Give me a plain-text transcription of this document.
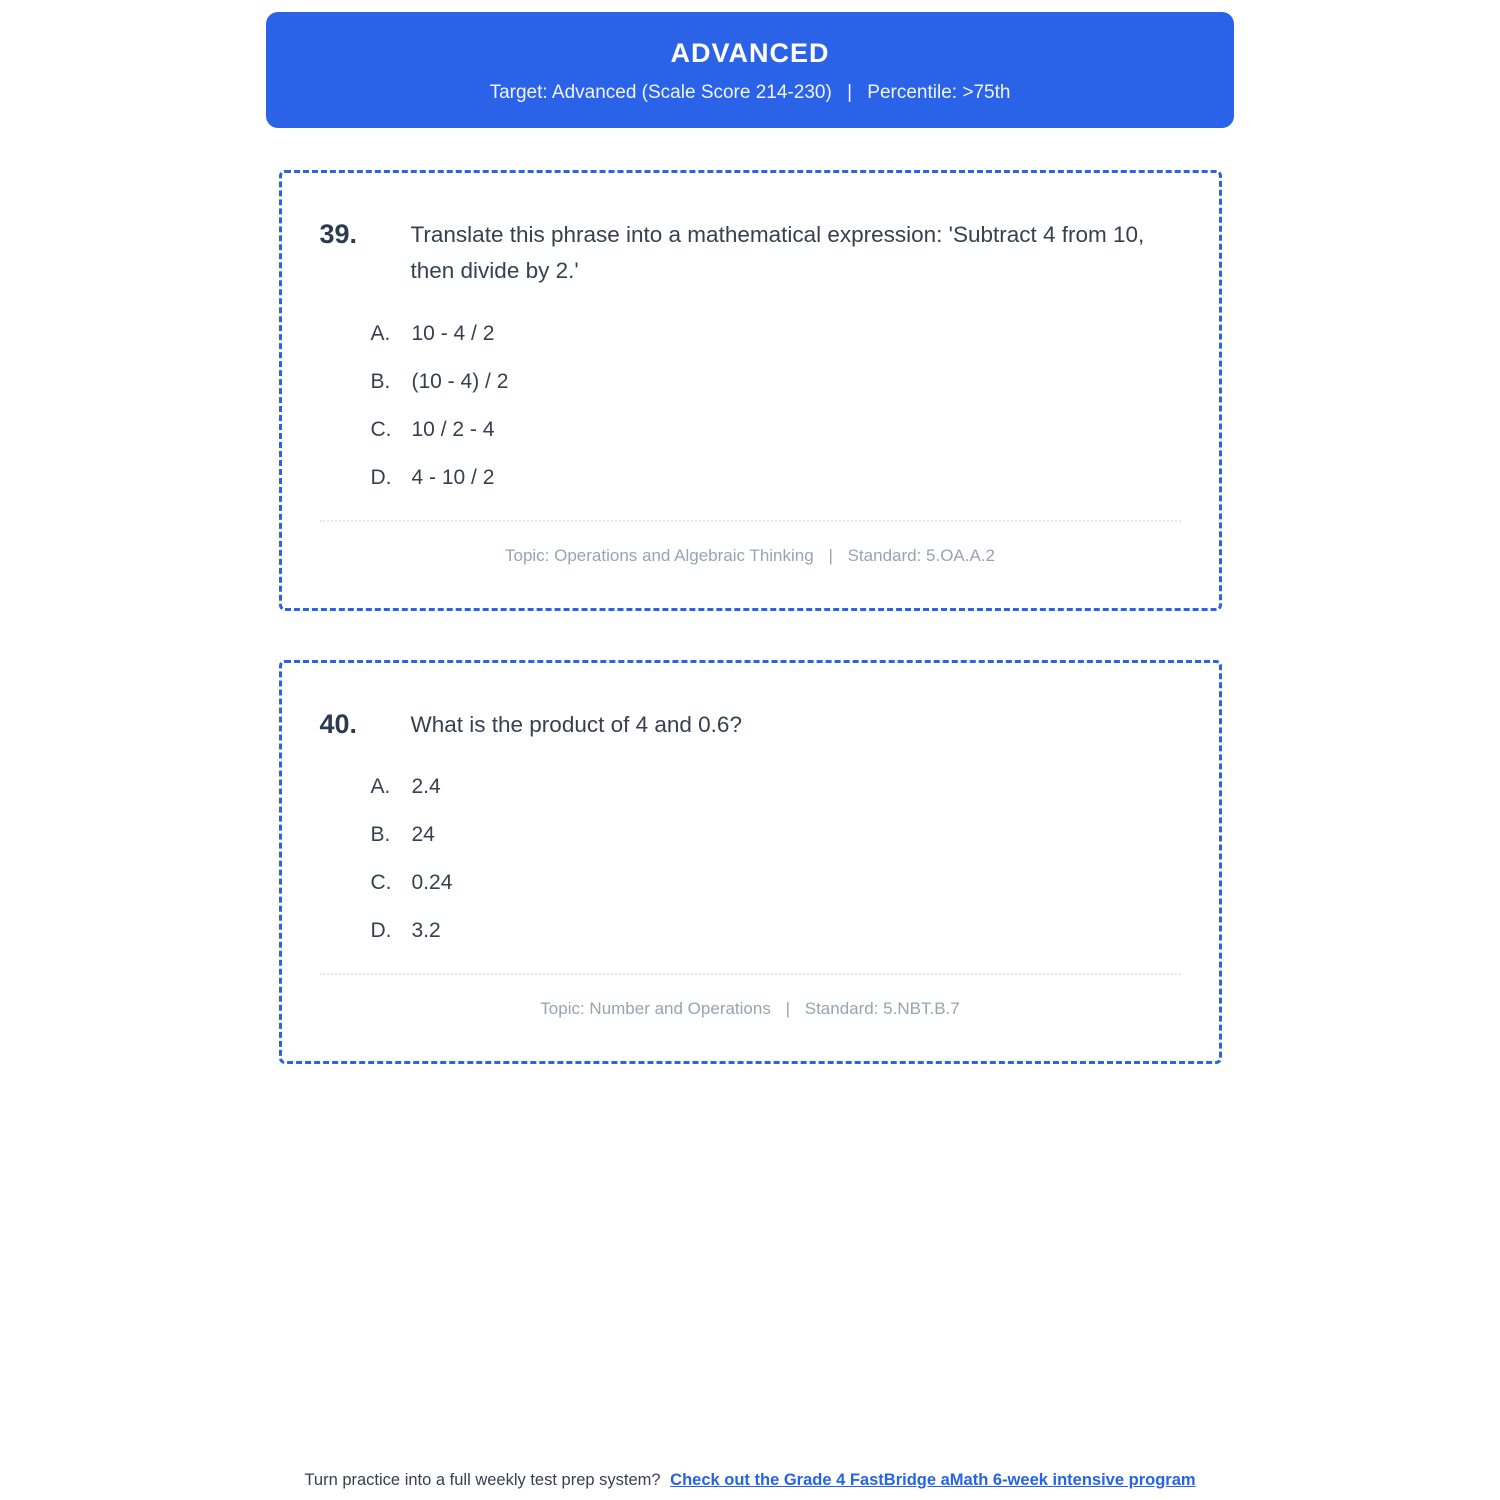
ADVANCED
Target: Advanced (Scale Score 214-230) | Percentile: >75th
39.	Translate this phrase into a mathematical expression: 'Subtract 4 from 10, then divide by 2.'
A.	10 - 4 / 2
B.	(10 - 4) / 2
C. 10 / 2 - 4
D. 4 - 10 / 2
Topic: Operations and Algebraic Thinking | Standard: 5.OA.A.2
40.	What is the product of 4 and 0.6?
A.	2.4
B.	24
C. 0.24
D. 3.2
Topic: Number and Operations | Standard: 5.NBT.B.7
Turn practice into a full weekly test prep system? Check out the Grade 4 FastBridge aMath 6-week intensive program
